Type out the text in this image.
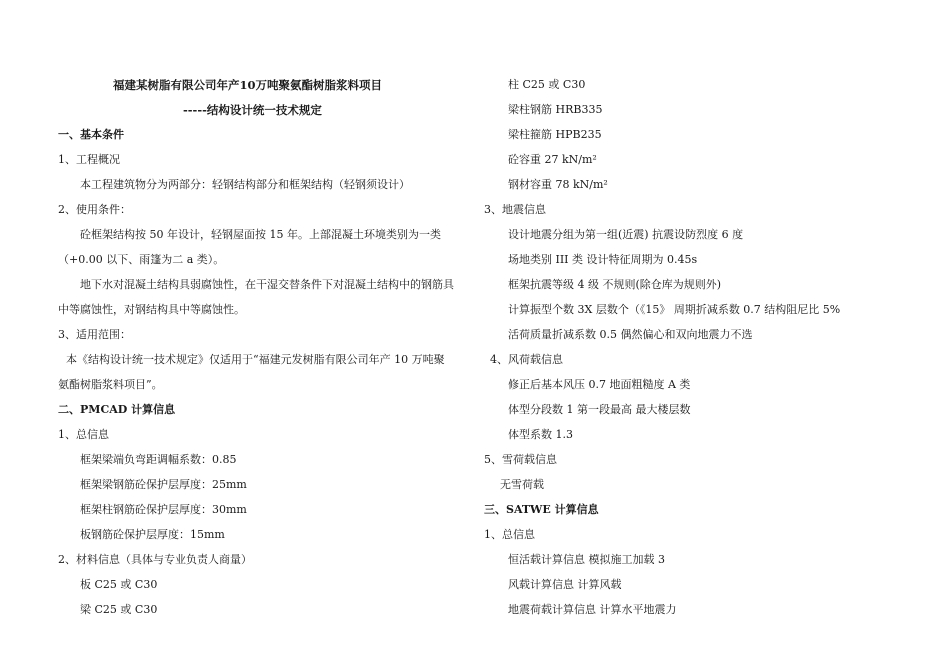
福建某树脂有限公司年产10万吨聚氨酯树脂浆料项目
-----结构设计统一技术规定
一、基本条件
1、工程概况
本工程建筑物分为两部分：轻钢结构部分和框架结构（轻钢须设计）
2、使用条件：
砼框架结构按 50 年设计，轻钢屋面按 15 年。上部混凝土环境类别为一类
（+0.00 以下、雨篷为二 a 类）。
地下水对混凝土结构具弱腐蚀性，在干湿交替条件下对混凝土结构中的钢筋具
中等腐蚀性，对钢结构具中等腐蚀性。
3、适用范围：
本《结构设计统一技术规定》仅适用于“福建元发树脂有限公司年产 10 万吨聚
氨酯树脂浆料项目”。
二、PMCAD 计算信息
1、总信息
框架梁端负弯距调幅系数：0.85
框架梁钢筋砼保护层厚度：25mm
框架柱钢筋砼保护层厚度：30mm
板钢筋砼保护层厚度：15mm
2、材料信息（具体与专业负责人商量）
板 C25 或 C30
梁 C25 或 C30
柱 C25 或 C30
梁柱钢筋 HRB335
梁柱箍筋 HPB235
砼容重 27 kN/m²
钢材容重 78 kN/m²
3、地震信息
设计地震分组为第一组(近震) 抗震设防烈度 6 度
场地类别 III 类 设计特征周期为 0.45s
框架抗震等级 4 级 不规则(除仓库为规则外)
计算振型个数 3X 层数个（《15》 周期折减系数 0.7 结构阻尼比 5%
活荷质量折减系数 0.5 偶然偏心和双向地震力不选
4、风荷载信息
修正后基本风压 0.7 地面粗糙度 A 类
体型分段数 1 第一段最高 最大楼层数
体型系数 1.3
5、雪荷载信息
无雪荷载
三、SATWE 计算信息
1、总信息
恒活载计算信息 模拟施工加载 3
风载计算信息 计算风载
地震荷载计算信息 计算水平地震力
